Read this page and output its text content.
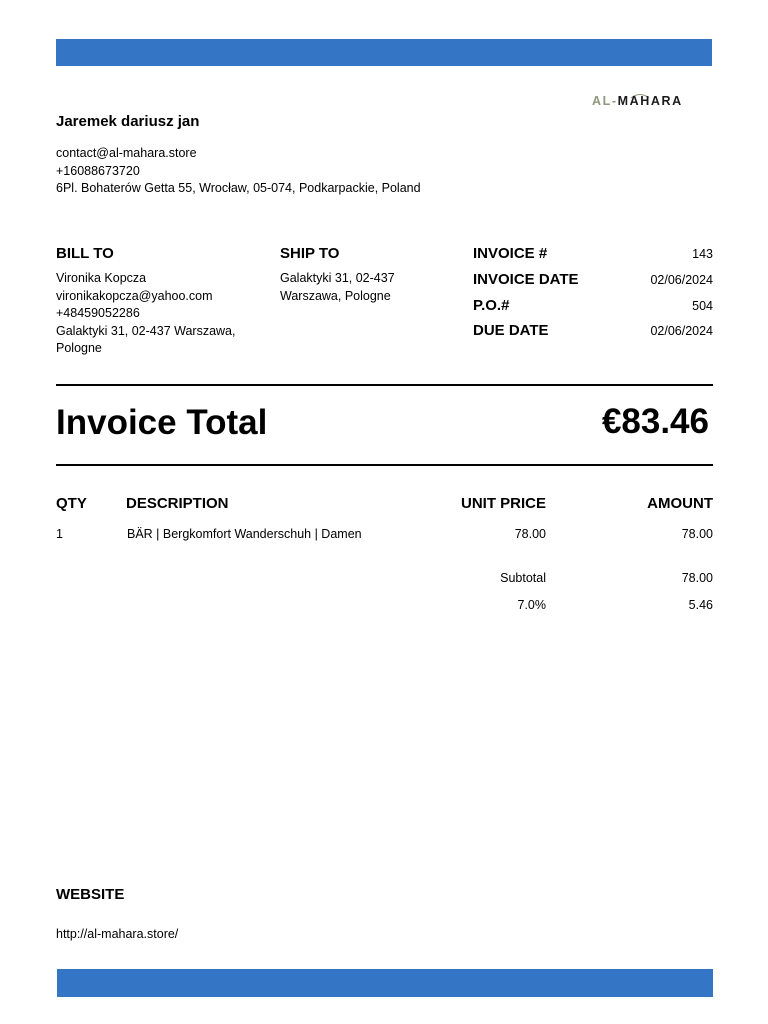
Jaremek dariusz jan
contact@al-mahara.store
+16088673720
6Pl. Bohaterów Getta 55, Wrocław, 05-074, Podkarpackie, Poland
AL-MAHARA
BILL TO
Vironika Kopcza
vironikakopcza@yahoo.com
+48459052286
Galaktyki 31, 02-437 Warszawa,
Pologne
SHIP TO
Galaktyki 31, 02-437
Warszawa, Pologne
INVOICE #	143
INVOICE DATE	02/06/2024
P.O.#	504
DUE DATE	02/06/2024
Invoice Total	€83.46
QTY	DESCRIPTION	UNIT PRICE	AMOUNT
1	BÄR | Bergkomfort Wanderschuh | Damen	78.00	78.00
Subtotal	78.00
7.0%	5.46
WEBSITE
http://al-mahara.store/
